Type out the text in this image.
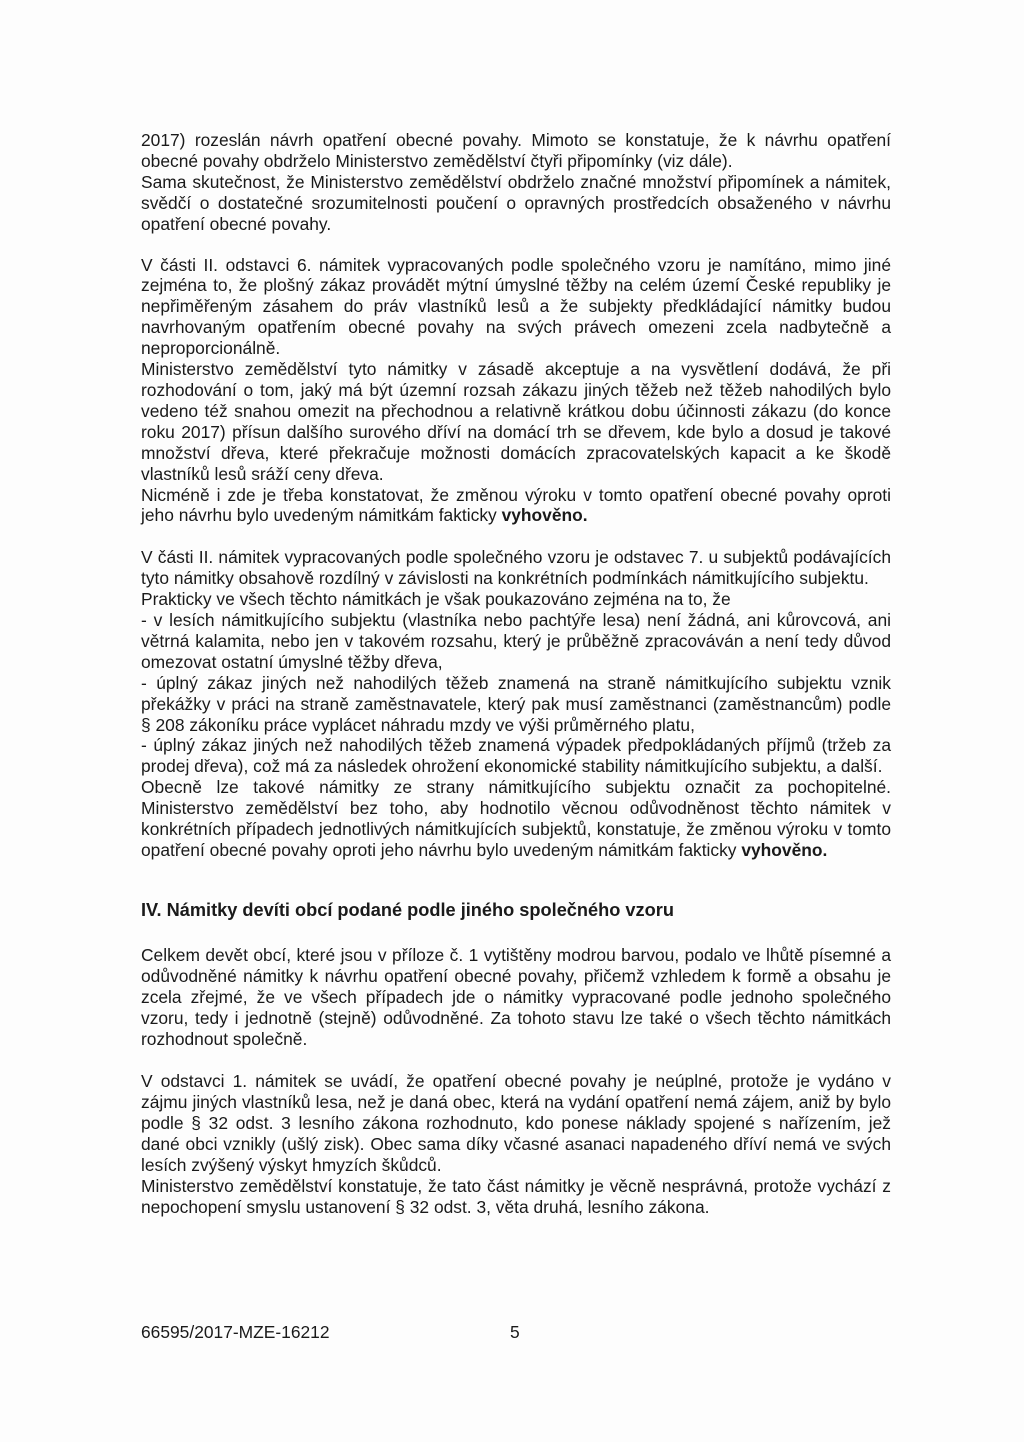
2017) rozeslán návrh opatření obecné povahy. Mimoto se konstatuje, že k návrhu opatření obecné povahy obdrželo Ministerstvo zemědělství čtyři připomínky (viz dále).

Sama skutečnost, že Ministerstvo zemědělství obdrželo značné množství připomínek a námitek, svědčí o dostatečné srozumitelnosti poučení o opravných prostředcích obsaženého v návrhu opatření obecné povahy.

V části II. odstavci 6. námitek vypracovaných podle společného vzoru je namítáno, mimo jiné zejména to, že plošný zákaz provádět mýtní úmyslné těžby na celém území České republiky je nepřiměřeným zásahem do práv vlastníků lesů a že subjekty předkládající námitky budou navrhovaným opatřením obecné povahy na svých právech omezeni zcela nadbytečně a neproporcionálně.

Ministerstvo zemědělství tyto námitky v zásadě akceptuje a na vysvětlení dodává, že při rozhodování o tom, jaký má být územní rozsah zákazu jiných těžeb než těžeb nahodilých bylo vedeno též snahou omezit na přechodnou a relativně krátkou dobu účinnosti zákazu (do konce roku 2017) přísun dalšího surového dříví na domácí trh se dřevem, kde bylo a dosud je takové množství dřeva, které překračuje možnosti domácích zpracovatelských kapacit a ke škodě vlastníků lesů sráží ceny dřeva.

Nicméně i zde je třeba konstatovat, že změnou výroku v tomto opatření obecné povahy oproti jeho návrhu bylo uvedeným námitkám fakticky vyhověno.

V části II. námitek vypracovaných podle společného vzoru je odstavec 7. u subjektů podávajících tyto námitky obsahově rozdílný v závislosti na konkrétních podmínkách námitkujícího subjektu.

Prakticky ve všech těchto námitkách je však poukazováno zejména na to, že

- v lesích námitkujícího subjektu (vlastníka nebo pachtýře lesa) není žádná, ani kůrovcová, ani větrná kalamita, nebo jen v takovém rozsahu, který je průběžně zpracováván a není tedy důvod omezovat ostatní úmyslné těžby dřeva,

- úplný zákaz jiných než nahodilých těžeb znamená na straně námitkujícího subjektu vznik překážky v práci na straně zaměstnavatele, který pak musí zaměstnanci (zaměstnancům) podle § 208 zákoníku práce vyplácet náhradu mzdy ve výši průměrného platu,

- úplný zákaz jiných než nahodilých těžeb znamená výpadek předpokládaných příjmů (tržeb za prodej dřeva), což má za následek ohrožení ekonomické stability námitkujícího subjektu, a další.

Obecně lze takové námitky ze strany námitkujícího subjektu označit za pochopitelné. Ministerstvo zemědělství bez toho, aby hodnotilo věcnou odůvodněnost těchto námitek v konkrétních případech jednotlivých námitkujících subjektů, konstatuje, že změnou výroku v tomto opatření obecné povahy oproti jeho návrhu bylo uvedeným námitkám fakticky vyhověno.

IV. Námitky devíti obcí podané podle jiného společného vzoru

Celkem devět obcí, které jsou v příloze č. 1 vytištěny modrou barvou, podalo ve lhůtě písemné a odůvodněné námitky k návrhu opatření obecné povahy, přičemž vzhledem k formě a obsahu je zcela zřejmé, že ve všech případech jde o námitky vypracované podle jednoho společného vzoru, tedy i jednotně (stejně) odůvodněné. Za tohoto stavu lze také o všech těchto námitkách rozhodnout společně.

V odstavci 1. námitek se uvádí, že opatření obecné povahy je neúplné, protože je vydáno v zájmu jiných vlastníků lesa, než je daná obec, která na vydání opatření nemá zájem, aniž by bylo podle § 32 odst. 3 lesního zákona rozhodnuto, kdo ponese náklady spojené s nařízením, jež dané obci vznikly (ušlý zisk). Obec sama díky včasné asanaci napadeného dříví nemá ve svých lesích zvýšený výskyt hmyzích škůdců.

Ministerstvo zemědělství konstatuje, že tato část námitky je věcně nesprávná, protože vychází z nepochopení smyslu ustanovení § 32 odst. 3, věta druhá, lesního zákona.

66595/2017-MZE-16212	5
